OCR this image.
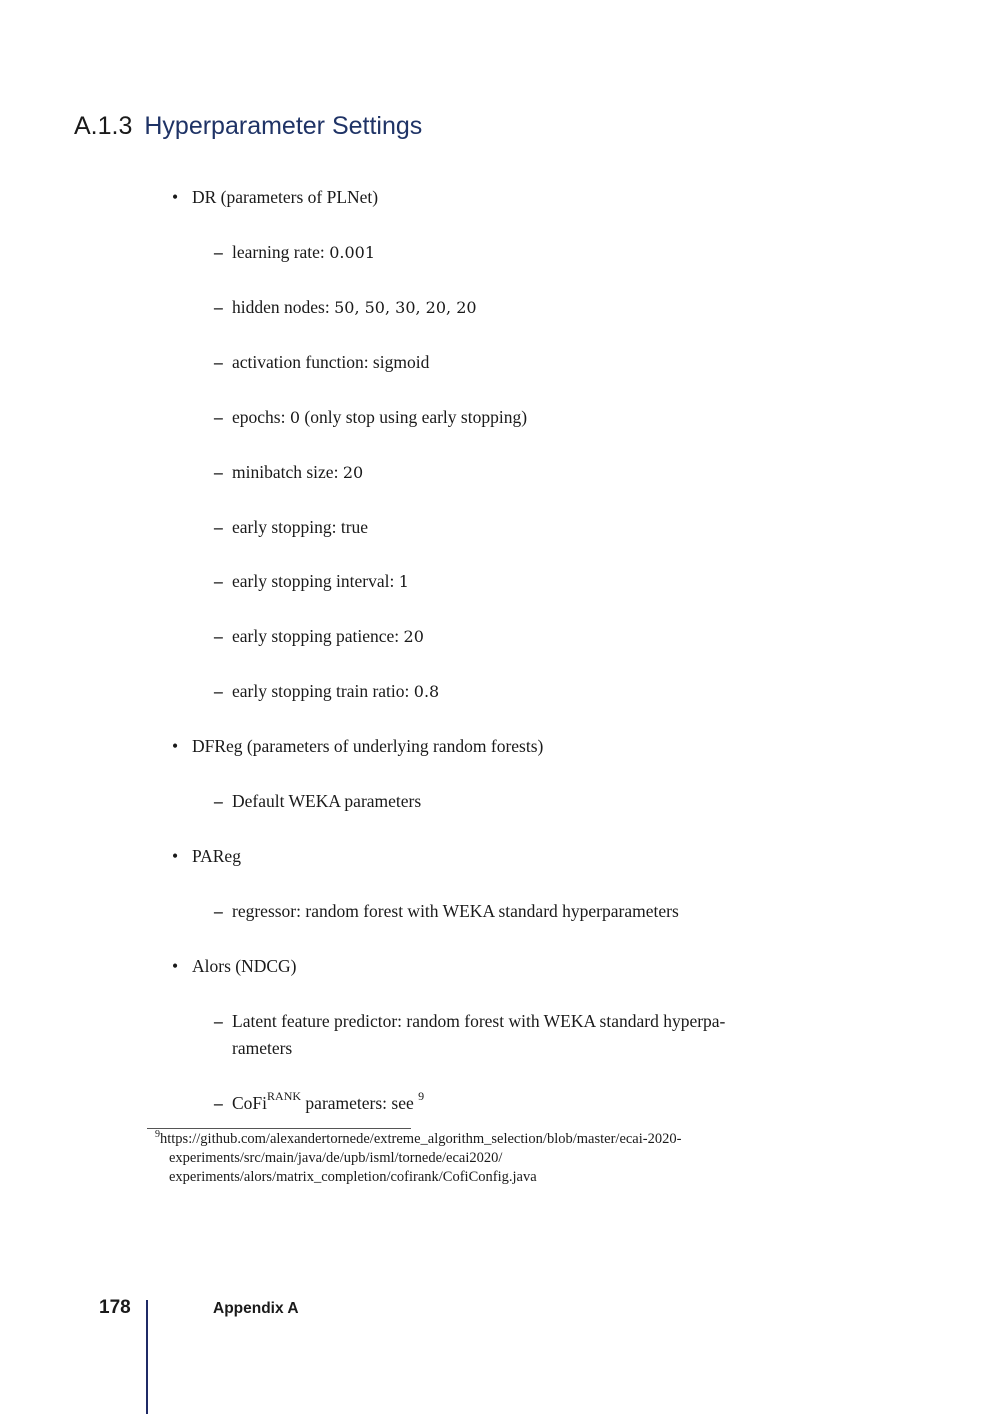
A.1.3 Hyperparameter Settings
• DR (parameters of PLNet)
– learning rate: 0.001
– hidden nodes: 50, 50, 30, 20, 20
– activation function: sigmoid
– epochs: 0 (only stop using early stopping)
– minibatch size: 20
– early stopping: true
– early stopping interval: 1
– early stopping patience: 20
– early stopping train ratio: 0.8
• DFReg (parameters of underlying random forests)
– Default WEKA parameters
• PAReg
– regressor: random forest with WEKA standard hyperparameters
• Alors (NDCG)
– Latent feature predictor: random forest with WEKA standard hyperpa-
rameters
– CoFi$^{RANK}$ parameters: see $^9$
$^9$https://github.com/alexandertornede/extreme_algorithm_selection/blob/master/ecai-2020-
experiments/src/main/java/de/upb/isml/tornede/ecai2020/
experiments/alors/matrix_completion/cofirank/CofiConfig.java
178	Appendix A
